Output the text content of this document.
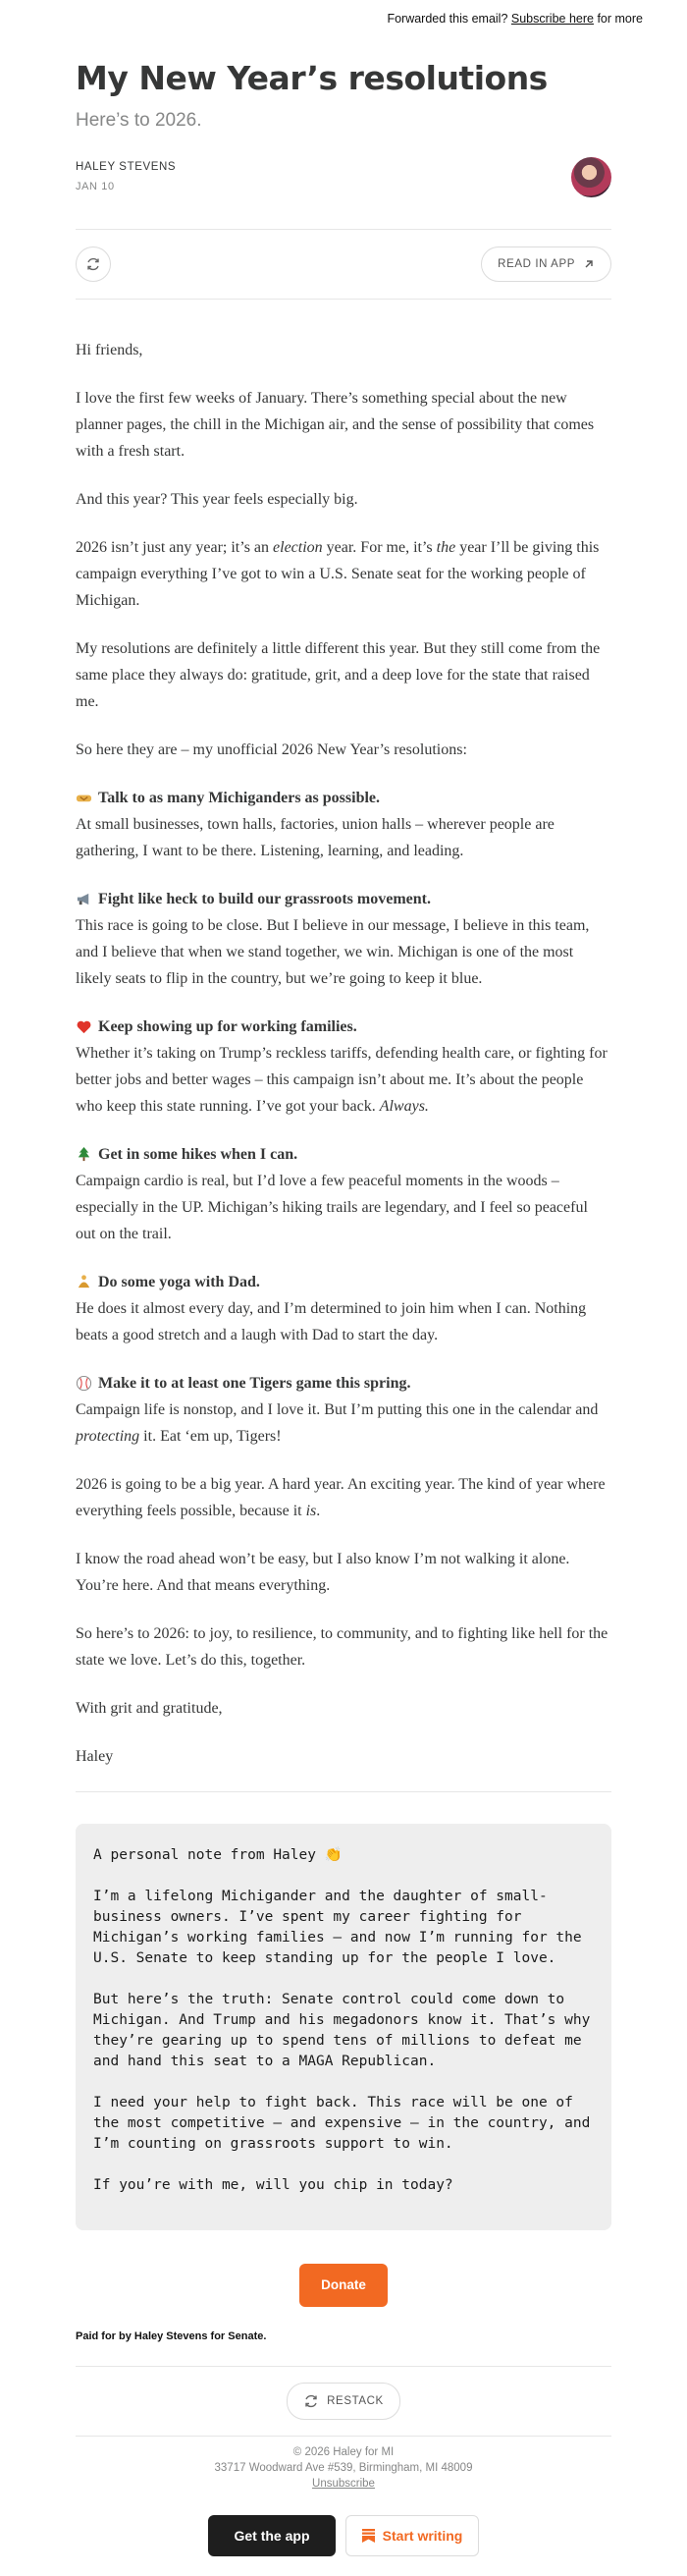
Forwarded this email? Subscribe here for more
My New Year’s resolutions
Here’s to 2026.
HALEY STEVENS
JAN 10
READ IN APP

Hi friends,

I love the first few weeks of January. There’s something special about the new planner pages, the chill in the Michigan air, and the sense of possibility that comes with a fresh start.

And this year? This year feels especially big.

2026 isn’t just any year; it’s an election year. For me, it’s the year I’ll be giving this campaign everything I’ve got to win a U.S. Senate seat for the working people of Michigan.

My resolutions are definitely a little different this year. But they still come from the same place they always do: gratitude, grit, and a deep love for the state that raised me.

So here they are – my unofficial 2026 New Year’s resolutions:

Talk to as many Michiganders as possible.

At small businesses, town halls, factories, union halls – wherever people are gathering, I want to be there. Listening, learning, and leading.

Fight like heck to build our grassroots movement.

This race is going to be close. But I believe in our message, I believe in this team, and I believe that when we stand together, we win. Michigan is one of the most likely seats to flip in the country, but we’re going to keep it blue.

Keep showing up for working families.

Whether it’s taking on Trump’s reckless tariffs, defending health care, or fighting for better jobs and better wages – this campaign isn’t about me. It’s about the people who keep this state running. I’ve got your back. Always.

Get in some hikes when I can.

Campaign cardio is real, but I’d love a few peaceful moments in the woods – especially in the UP. Michigan’s hiking trails are legendary, and I feel so peaceful out on the trail.

Do some yoga with Dad.

He does it almost every day, and I’m determined to join him when I can. Nothing beats a good stretch and a laugh with Dad to start the day.

Make it to at least one Tigers game this spring.

Campaign life is nonstop, and I love it. But I’m putting this one in the calendar and protecting it. Eat ‘em up, Tigers!

2026 is going to be a big year. A hard year. An exciting year. The kind of year where everything feels possible, because it is.

I know the road ahead won’t be easy, but I also know I’m not walking it alone. You’re here. And that means everything.

So here’s to 2026: to joy, to resilience, to community, and to fighting like hell for the state we love. Let’s do this, together.

With grit and gratitude,

Haley

A personal note from Haley 👏

I’m a lifelong Michigander and the daughter of small-business owners. I’ve spent my career fighting for Michigan’s working families – and now I’m running for the U.S. Senate to keep standing up for the people I love.

But here’s the truth: Senate control could come down to Michigan. And Trump and his megadonors know it. That’s why they’re gearing up to spend tens of millions to defeat me and hand this seat to a MAGA Republican.

I need your help to fight back. This race will be one of the most competitive – and expensive – in the country, and I’m counting on grassroots support to win.

If you’re with me, will you chip in today?

Donate
Paid for by Haley Stevens for Senate.
RESTACK
© 2026 Haley for MI
33717 Woodward Ave #539, Birmingham, MI 48009
Unsubscribe
Get the app	Start writing
